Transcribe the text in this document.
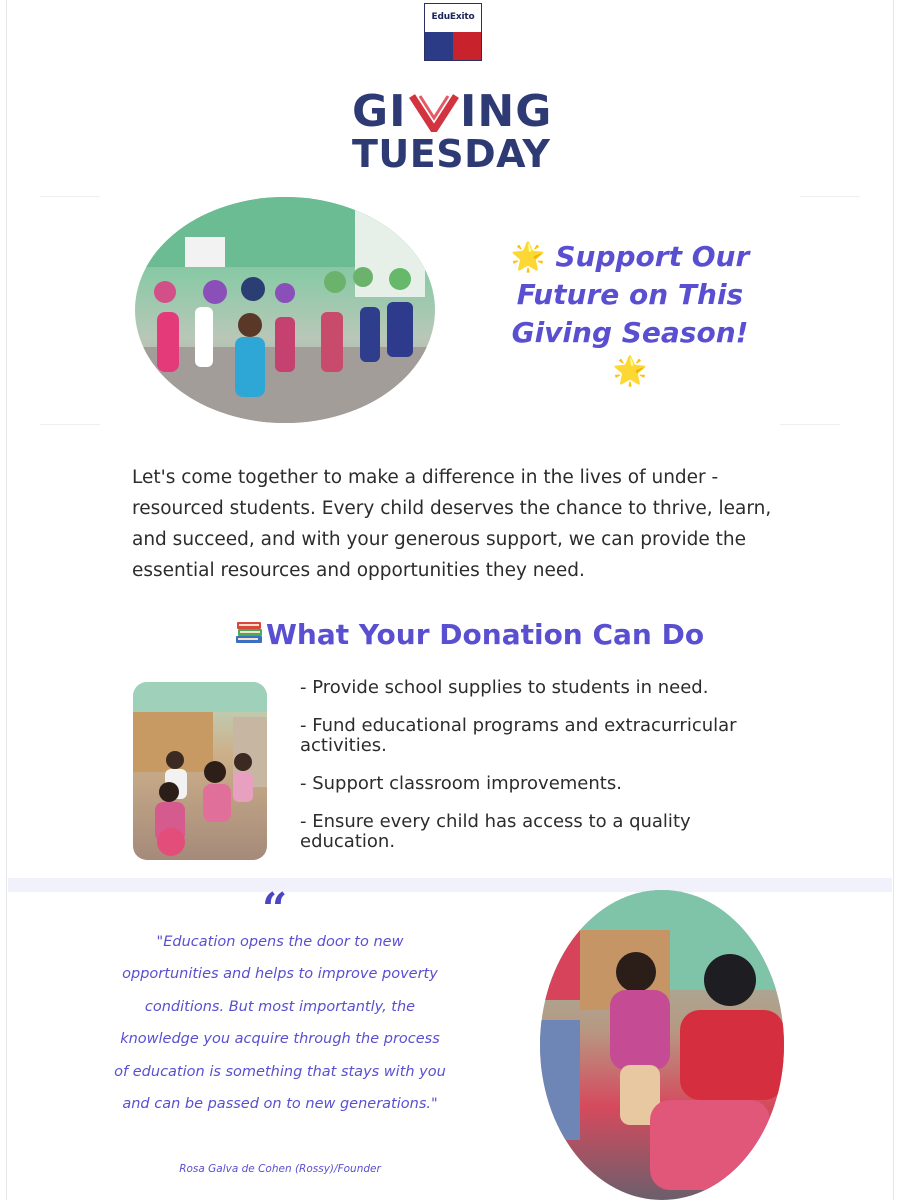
EduExito
GI ING
TUESDAY
🌟 Support Our Future on This Giving Season! 🌟
Let's come together to make a difference in the lives of under - resourced students. Every child deserves the chance to thrive, learn, and succeed, and with your generous support, we can provide the essential resources and opportunities they need.
What Your Donation Can Do
- Provide school supplies to students in need.
- Fund educational programs and extracurricular activities.
- Support classroom improvements.
- Ensure every child has access to a quality education.
“
"Education opens the door to new opportunities and helps to improve poverty conditions. But most importantly, the knowledge you acquire through the process of education is something that stays with you and can be passed on to new generations."
Rosa Galva de Cohen (Rossy)/Founder
